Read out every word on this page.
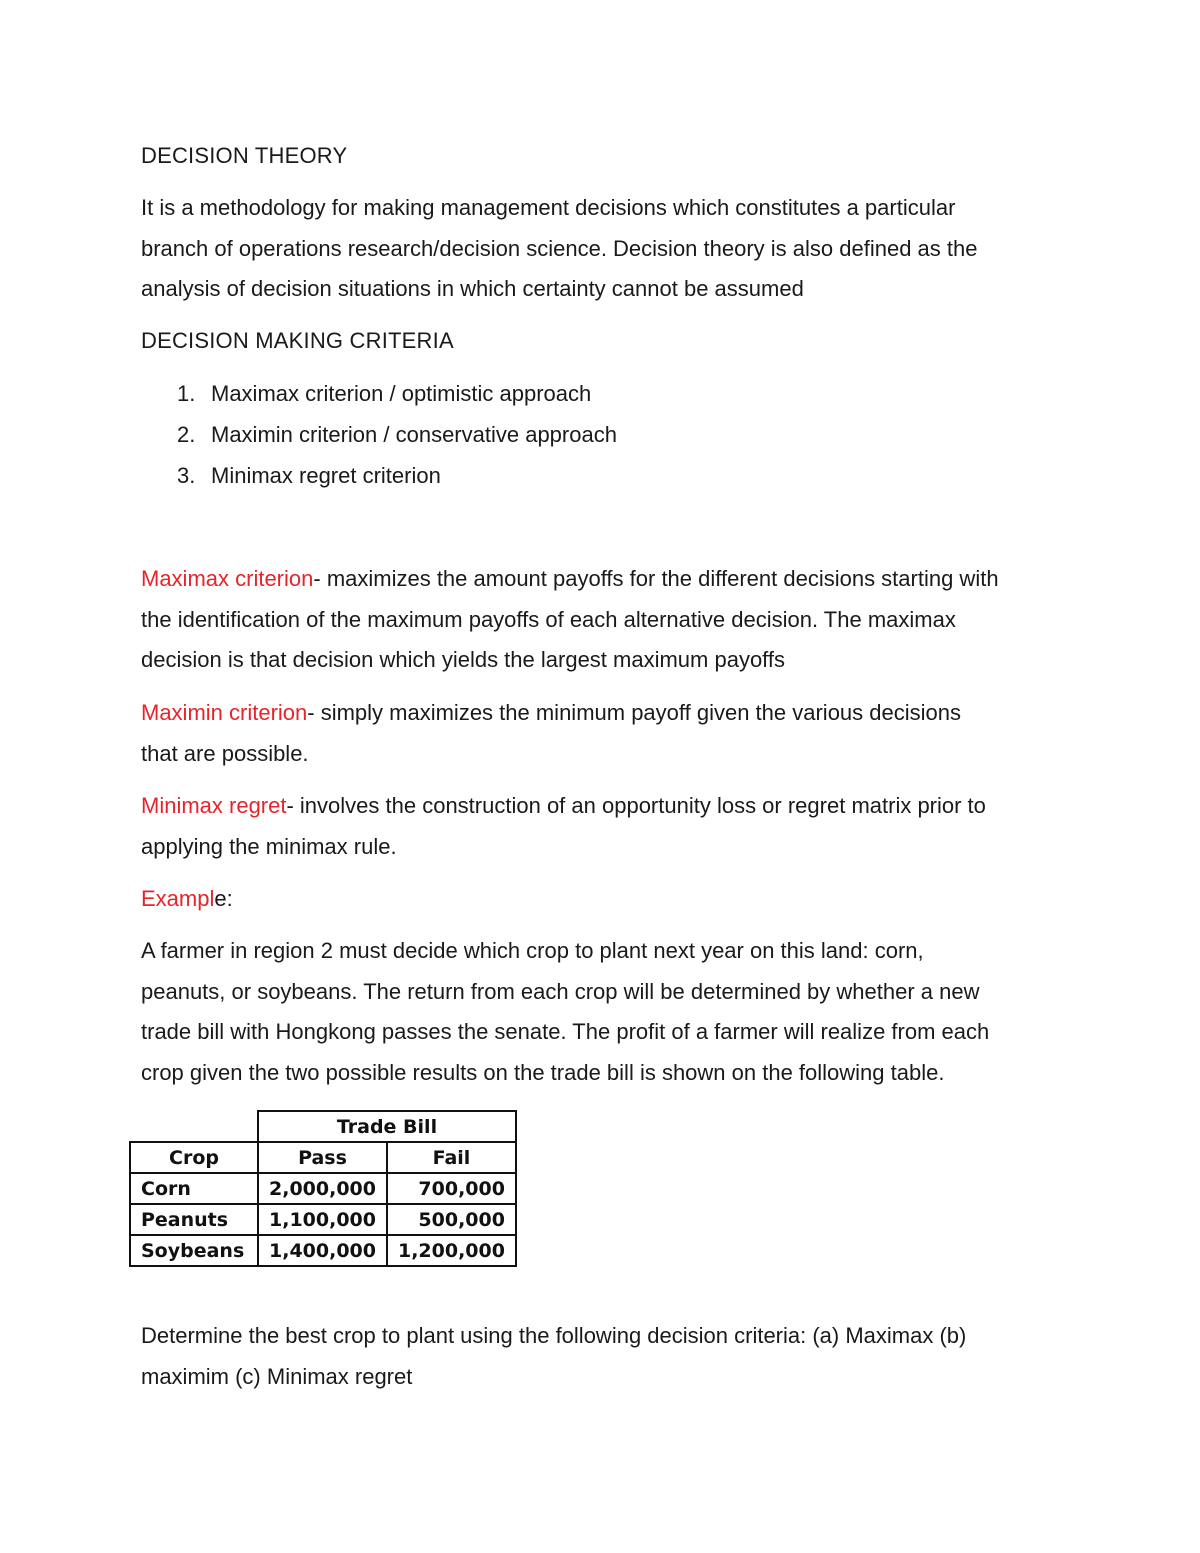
DECISION THEORY
It is a methodology for making management decisions which constitutes a particular
branch of operations research/decision science. Decision theory is also defined as the
analysis of decision situations in which certainty cannot be assumed
DECISION MAKING CRITERIA
1. Maximax criterion / optimistic approach
2. Maximin criterion / conservative approach
3. Minimax regret criterion
Maximax criterion- maximizes the amount payoffs for the different decisions starting with
the identification of the maximum payoffs of each alternative decision. The maximax
decision is that decision which yields the largest maximum payoffs
Maximin criterion- simply maximizes the minimum payoff given the various decisions
that are possible.
Minimax regret- involves the construction of an opportunity loss or regret matrix prior to
applying the minimax rule.
Example:
A farmer in region 2 must decide which crop to plant next year on this land: corn,
peanuts, or soybeans. The return from each crop will be determined by whether a new
trade bill with Hongkong passes the senate. The profit of a farmer will realize from each
crop given the two possible results on the trade bill is shown on the following table.
	Trade Bill	
Crop	Pass	Fail
Corn	2,000,000	700,000
Peanuts	1,100,000	500,000
Soybeans	1,400,000	1,200,000
Determine the best crop to plant using the following decision criteria: (a) Maximax (b)
maximim (c) Minimax regret
